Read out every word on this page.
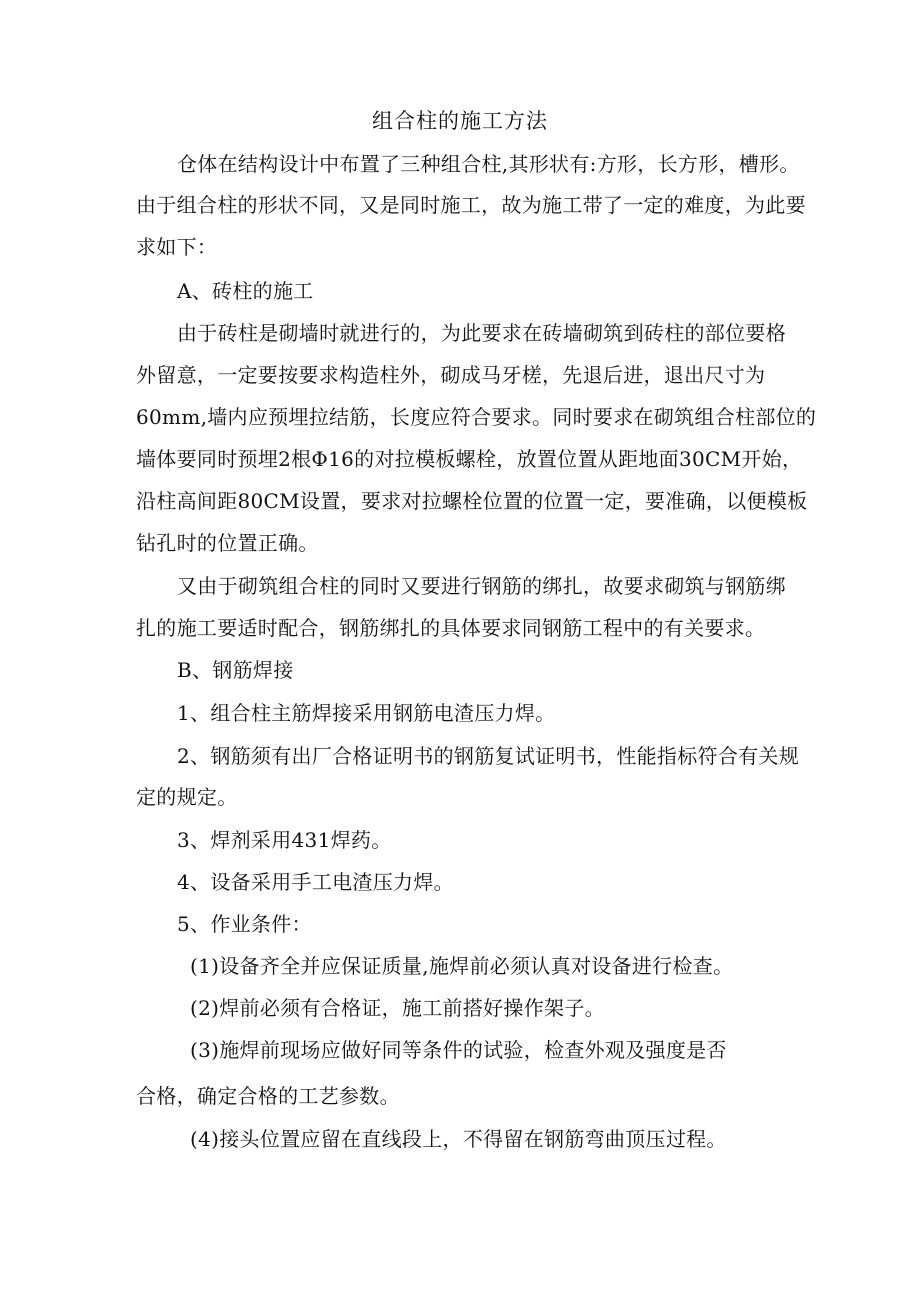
组合柱的施工方法
仓体在结构设计中布置了三种组合柱,其形状有:方形，长方形，槽形。
由于组合柱的形状不同，又是同时施工，故为施工带了一定的难度，为此要
求如下：
A、砖柱的施工
由于砖柱是砌墙时就进行的，为此要求在砖墙砌筑到砖柱的部位要格
外留意，一定要按要求构造柱外，砌成马牙槎，先退后进，退出尺寸为
60mm,墙内应预埋拉结筋，长度应符合要求。同时要求在砌筑组合柱部位的
墙体要同时预埋2根Φ16的对拉模板螺栓，放置位置从距地面30CM开始，
沿柱高间距80CM设置，要求对拉螺栓位置的位置一定，要准确，以便模板
钻孔时的位置正确。
又由于砌筑组合柱的同时又要进行钢筋的绑扎，故要求砌筑与钢筋绑
扎的施工要适时配合，钢筋绑扎的具体要求同钢筋工程中的有关要求。
B、钢筋焊接
1、组合柱主筋焊接采用钢筋电渣压力焊。
2、钢筋须有出厂合格证明书的钢筋复试证明书，性能指标符合有关规
定的规定。
3、焊剂采用431焊药。
4、设备采用手工电渣压力焊。
5、作业条件：
(1)设备齐全并应保证质量,施焊前必须认真对设备进行检查。
(2)焊前必须有合格证，施工前搭好操作架子。
(3)施焊前现场应做好同等条件的试验，检查外观及强度是否
合格，确定合格的工艺参数。
(4)接头位置应留在直线段上，不得留在钢筋弯曲顶压过程。
